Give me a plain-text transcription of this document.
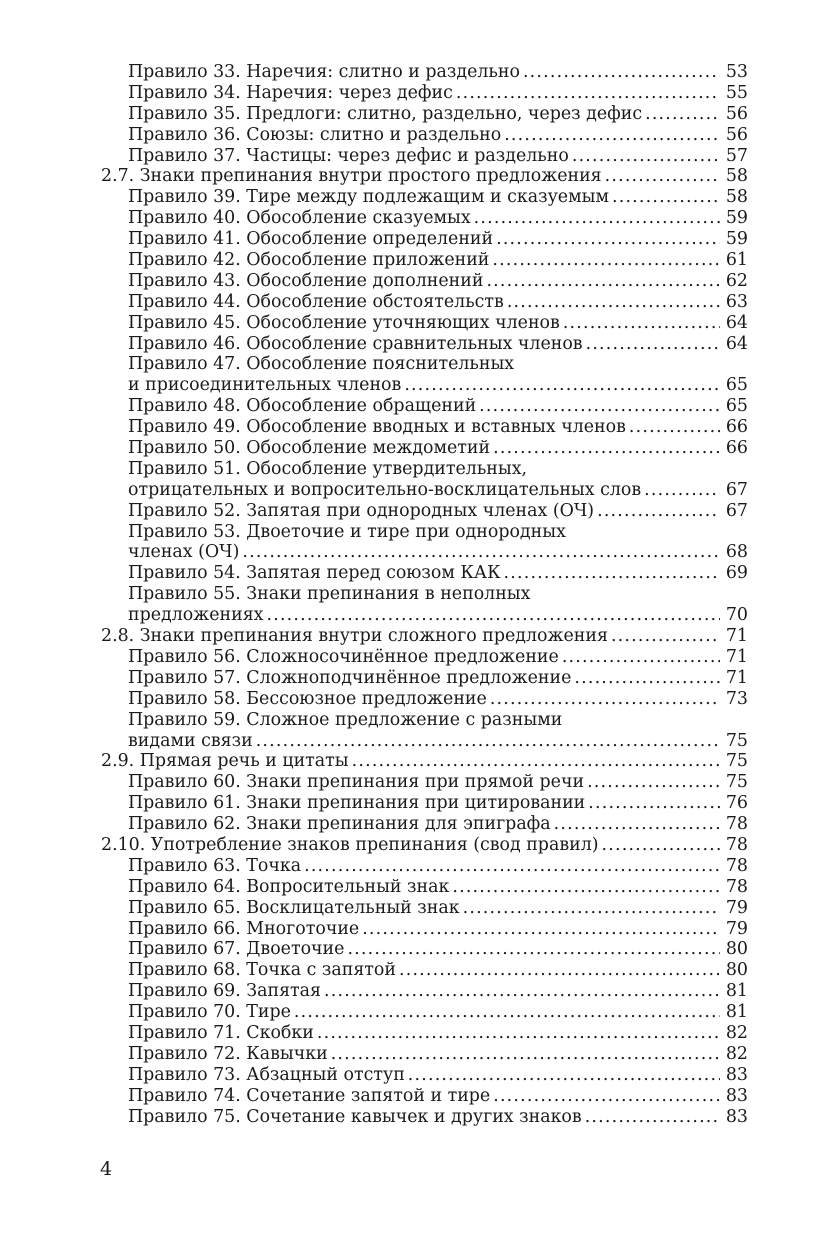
Правило 33. Наречия: слитно и раздельно .....	53
Правило 34. Наречия: через дефис .....	55
Правило 35. Предлоги: слитно, раздельно, через дефис .....	56
Правило 36. Союзы: слитно и раздельно .....	56
Правило 37. Частицы: через дефис и раздельно .....	57
2.7. Знаки препинания внутри простого предложения .....	58
Правило 39. Тире между подлежащим и сказуемым .....	58
Правило 40. Обособление сказуемых .....	59
Правило 41. Обособление определений .....	59
Правило 42. Обособление приложений .....	61
Правило 43. Обособление дополнений .....	62
Правило 44. Обособление обстоятельств .....	63
Правило 45. Обособление уточняющих членов .....	64
Правило 46. Обособление сравнительных членов .....	64
Правило 47. Обособление пояснительных
и присоединительных членов .....	65
Правило 48. Обособление обращений .....	65
Правило 49. Обособление вводных и вставных членов .....	66
Правило 50. Обособление междометий .....	66
Правило 51. Обособление утвердительных,
отрицательных и вопросительно-восклицательных слов .....	67
Правило 52. Запятая при однородных членах (ОЧ) .....	67
Правило 53. Двоеточие и тире при однородных
членах (ОЧ) .....	68
Правило 54. Запятая перед союзом КАК .....	69
Правило 55. Знаки препинания в неполных
предложениях .....	70
2.8. Знаки препинания внутри сложного предложения .....	71
Правило 56. Сложносочинённое предложение .....	71
Правило 57. Сложноподчинённое предложение .....	71
Правило 58. Бессоюзное предложение .....	73
Правило 59. Сложное предложение с разными
видами связи .....	75
2.9. Прямая речь и цитаты .....	75
Правило 60. Знаки препинания при прямой речи .....	75
Правило 61. Знаки препинания при цитировании .....	76
Правило 62. Знаки препинания для эпиграфа .....	78
2.10. Употребление знаков препинания (свод правил) .....	78
Правило 63. Точка .....	78
Правило 64. Вопросительный знак .....	78
Правило 65. Восклицательный знак .....	79
Правило 66. Многоточие .....	79
Правило 67. Двоеточие .....	80
Правило 68. Точка с запятой .....	80
Правило 69. Запятая .....	81
Правило 70. Тире .....	81
Правило 71. Скобки .....	82
Правило 72. Кавычки .....	82
Правило 73. Абзацный отступ .....	83
Правило 74. Сочетание запятой и тире .....	83
Правило 75. Сочетание кавычек и других знаков .....	83
4
